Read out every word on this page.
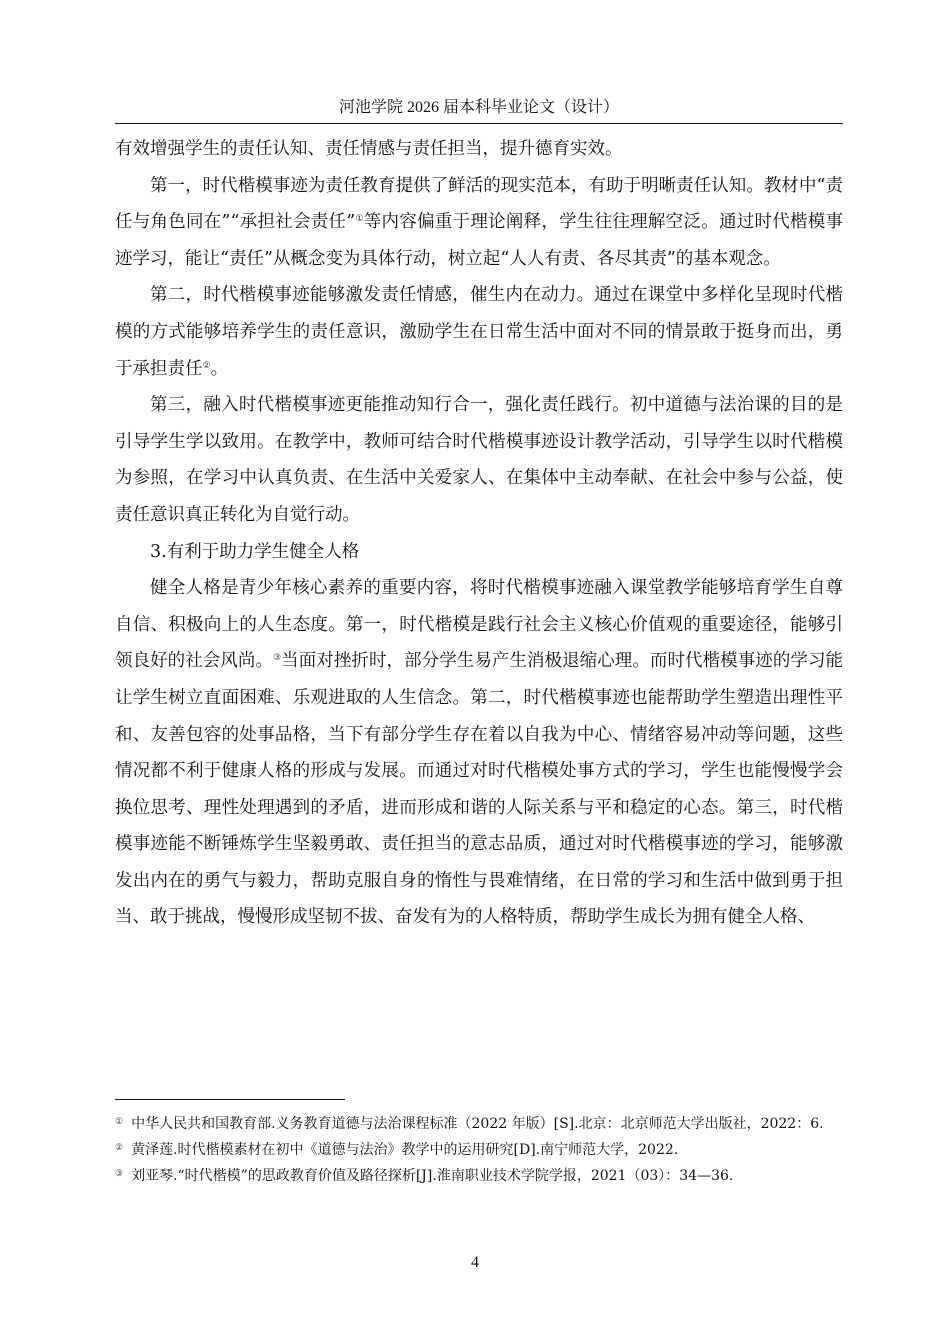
河池学院 2026 届本科毕业论文（设计）

有效增强学生的责任认知、责任情感与责任担当，提升德育实效。

第一，时代楷模事迹为责任教育提供了鲜活的现实范本，有助于明晰责任认知。教材中“责任与角色同在”“承担社会责任”①等内容偏重于理论阐释，学生往往理解空泛。通过时代楷模事迹学习，能让“责任”从概念变为具体行动，树立起“人人有责、各尽其责”的基本观念。

第二，时代楷模事迹能够激发责任情感，催生内在动力。通过在课堂中多样化呈现时代楷模的方式能够培养学生的责任意识，激励学生在日常生活中面对不同的情景敢于挺身而出，勇于承担责任②。

第三，融入时代楷模事迹更能推动知行合一，强化责任践行。初中道德与法治课的目的是引导学生学以致用。在教学中，教师可结合时代楷模事迹设计教学活动，引导学生以时代楷模为参照，在学习中认真负责、在生活中关爱家人、在集体中主动奉献、在社会中参与公益，使责任意识真正转化为自觉行动。

3.有利于助力学生健全人格

健全人格是青少年核心素养的重要内容，将时代楷模事迹融入课堂教学能够培育学生自尊自信、积极向上的人生态度。第一，时代楷模是践行社会主义核心价值观的重要途径，能够引领良好的社会风尚。③当面对挫折时，部分学生易产生消极退缩心理。而时代楷模事迹的学习能让学生树立直面困难、乐观进取的人生信念。第二，时代楷模事迹也能帮助学生塑造出理性平和、友善包容的处事品格，当下有部分学生存在着以自我为中心、情绪容易冲动等问题，这些情况都不利于健康人格的形成与发展。而通过对时代楷模处事方式的学习，学生也能慢慢学会换位思考、理性处理遇到的矛盾，进而形成和谐的人际关系与平和稳定的心态。第三，时代楷模事迹能不断锤炼学生坚毅勇敢、责任担当的意志品质，通过对时代楷模事迹的学习，能够激发出内在的勇气与毅力，帮助克服自身的惰性与畏难情绪，在日常的学习和生活中做到勇于担当、敢于挑战，慢慢形成坚韧不拔、奋发有为的人格特质，帮助学生成长为拥有健全人格、

① 中华人民共和国教育部.义务教育道德与法治课程标准（2022 年版）[S].北京：北京师范大学出版社，2022：6.

② 黄泽莲.时代楷模素材在初中《道德与法治》教学中的运用研究[D].南宁师范大学，2022.

③ 刘亚琴.“时代楷模”的思政教育价值及路径探析[J].淮南职业技术学院学报，2021（03）：34—36.

4
